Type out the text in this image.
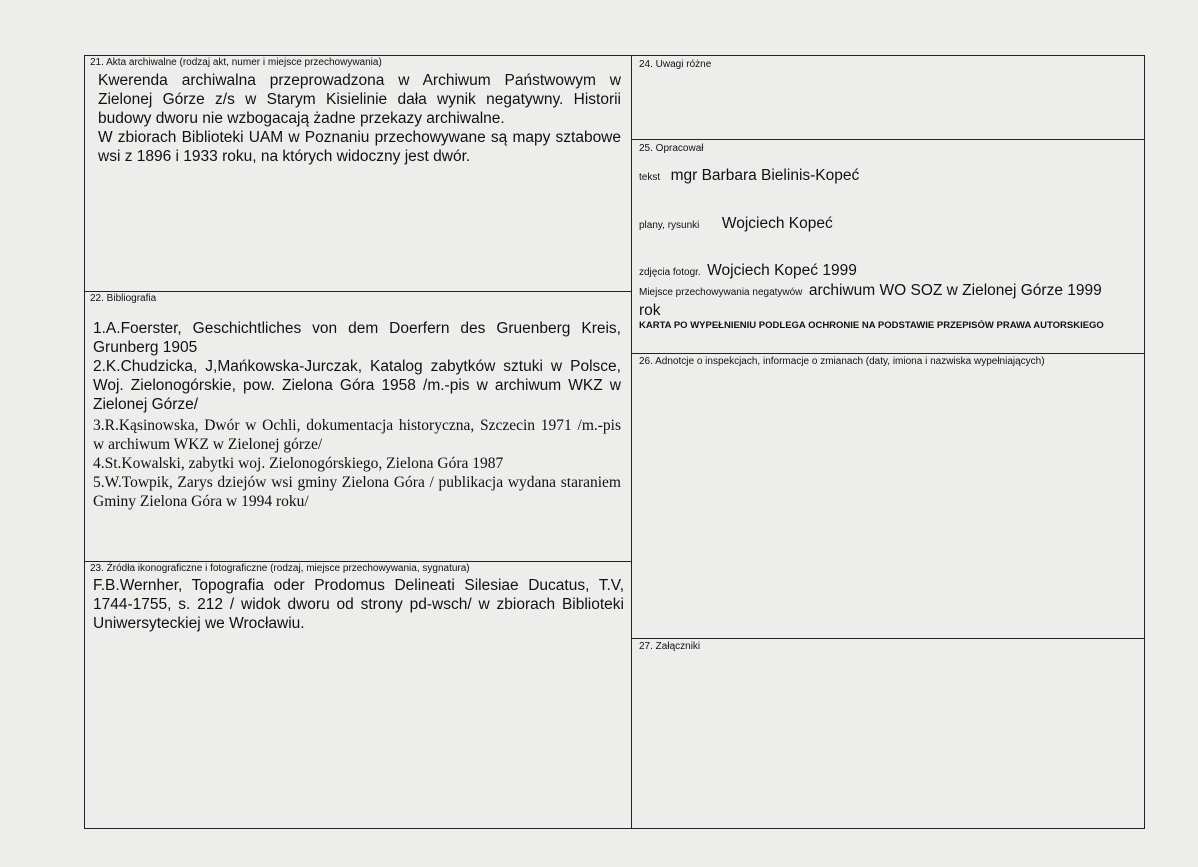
21. Akta archiwalne (rodzaj akt, numer i miejsce przechowywania)
Kwerenda archiwalna przeprowadzona w Archiwum Państwowym w Zielonej Górze z/s w Starym Kisielinie dała wynik negatywny. Historii budowy dworu nie wzbogacają żadne przekazy archiwalne.
W zbiorach Biblioteki UAM w Poznaniu przechowywane są mapy sztabowe wsi z 1896 i 1933 roku, na których widoczny jest dwór.
22. Bibliografia
1.A.Foerster, Geschichtliches von dem Doerfern des Gruenberg Kreis, Grunberg 1905
2.K.Chudzicka, J,Mańkowska-Jurczak, Katalog zabytków sztuki w Polsce, Woj. Zielonogórskie, pow. Zielona Góra 1958 /m.-pis w archiwum WKZ w Zielonej Górze/
3.R.Kąsinowska, Dwór w Ochli, dokumentacja historyczna, Szczecin 1971 /m.-pis w archiwum WKZ w Zielonej górze/
4.St.Kowalski, zabytki woj. Zielonogórskiego, Zielona Góra 1987
5.W.Towpik, Zarys dziejów wsi gminy Zielona Góra / publikacja wydana staraniem Gminy Zielona Góra w 1994 roku/
23. Źródła ikonograficzne i fotograficzne (rodzaj, miejsce przechowywania, sygnatura)
F.B.Wernher, Topografia oder Prodomus Delineati Silesiae Ducatus, T.V, 1744-1755, s. 212 / widok dworu od strony pd-wsch/ w zbiorach Biblioteki Uniwersyteckiej we Wrocławiu.
24. Uwagi różne
25. Opracował
tekst mgr Barbara Bielinis-Kopeć
plany, rysunki Wojciech Kopeć
zdjęcia fotogr. Wojciech Kopeć 1999
Miejsce przechowywania negatywów archiwum WO SOZ w Zielonej Górze 1999
rok
KARTA PO WYPEŁNIENIU PODLEGA OCHRONIE NA PODSTAWIE PRZEPISÓW PRAWA AUTORSKIEGO
26. Adnotcje o inspekcjach, informacje o zmianach (daty, imiona i nazwiska wypełniających)
27. Załączniki
